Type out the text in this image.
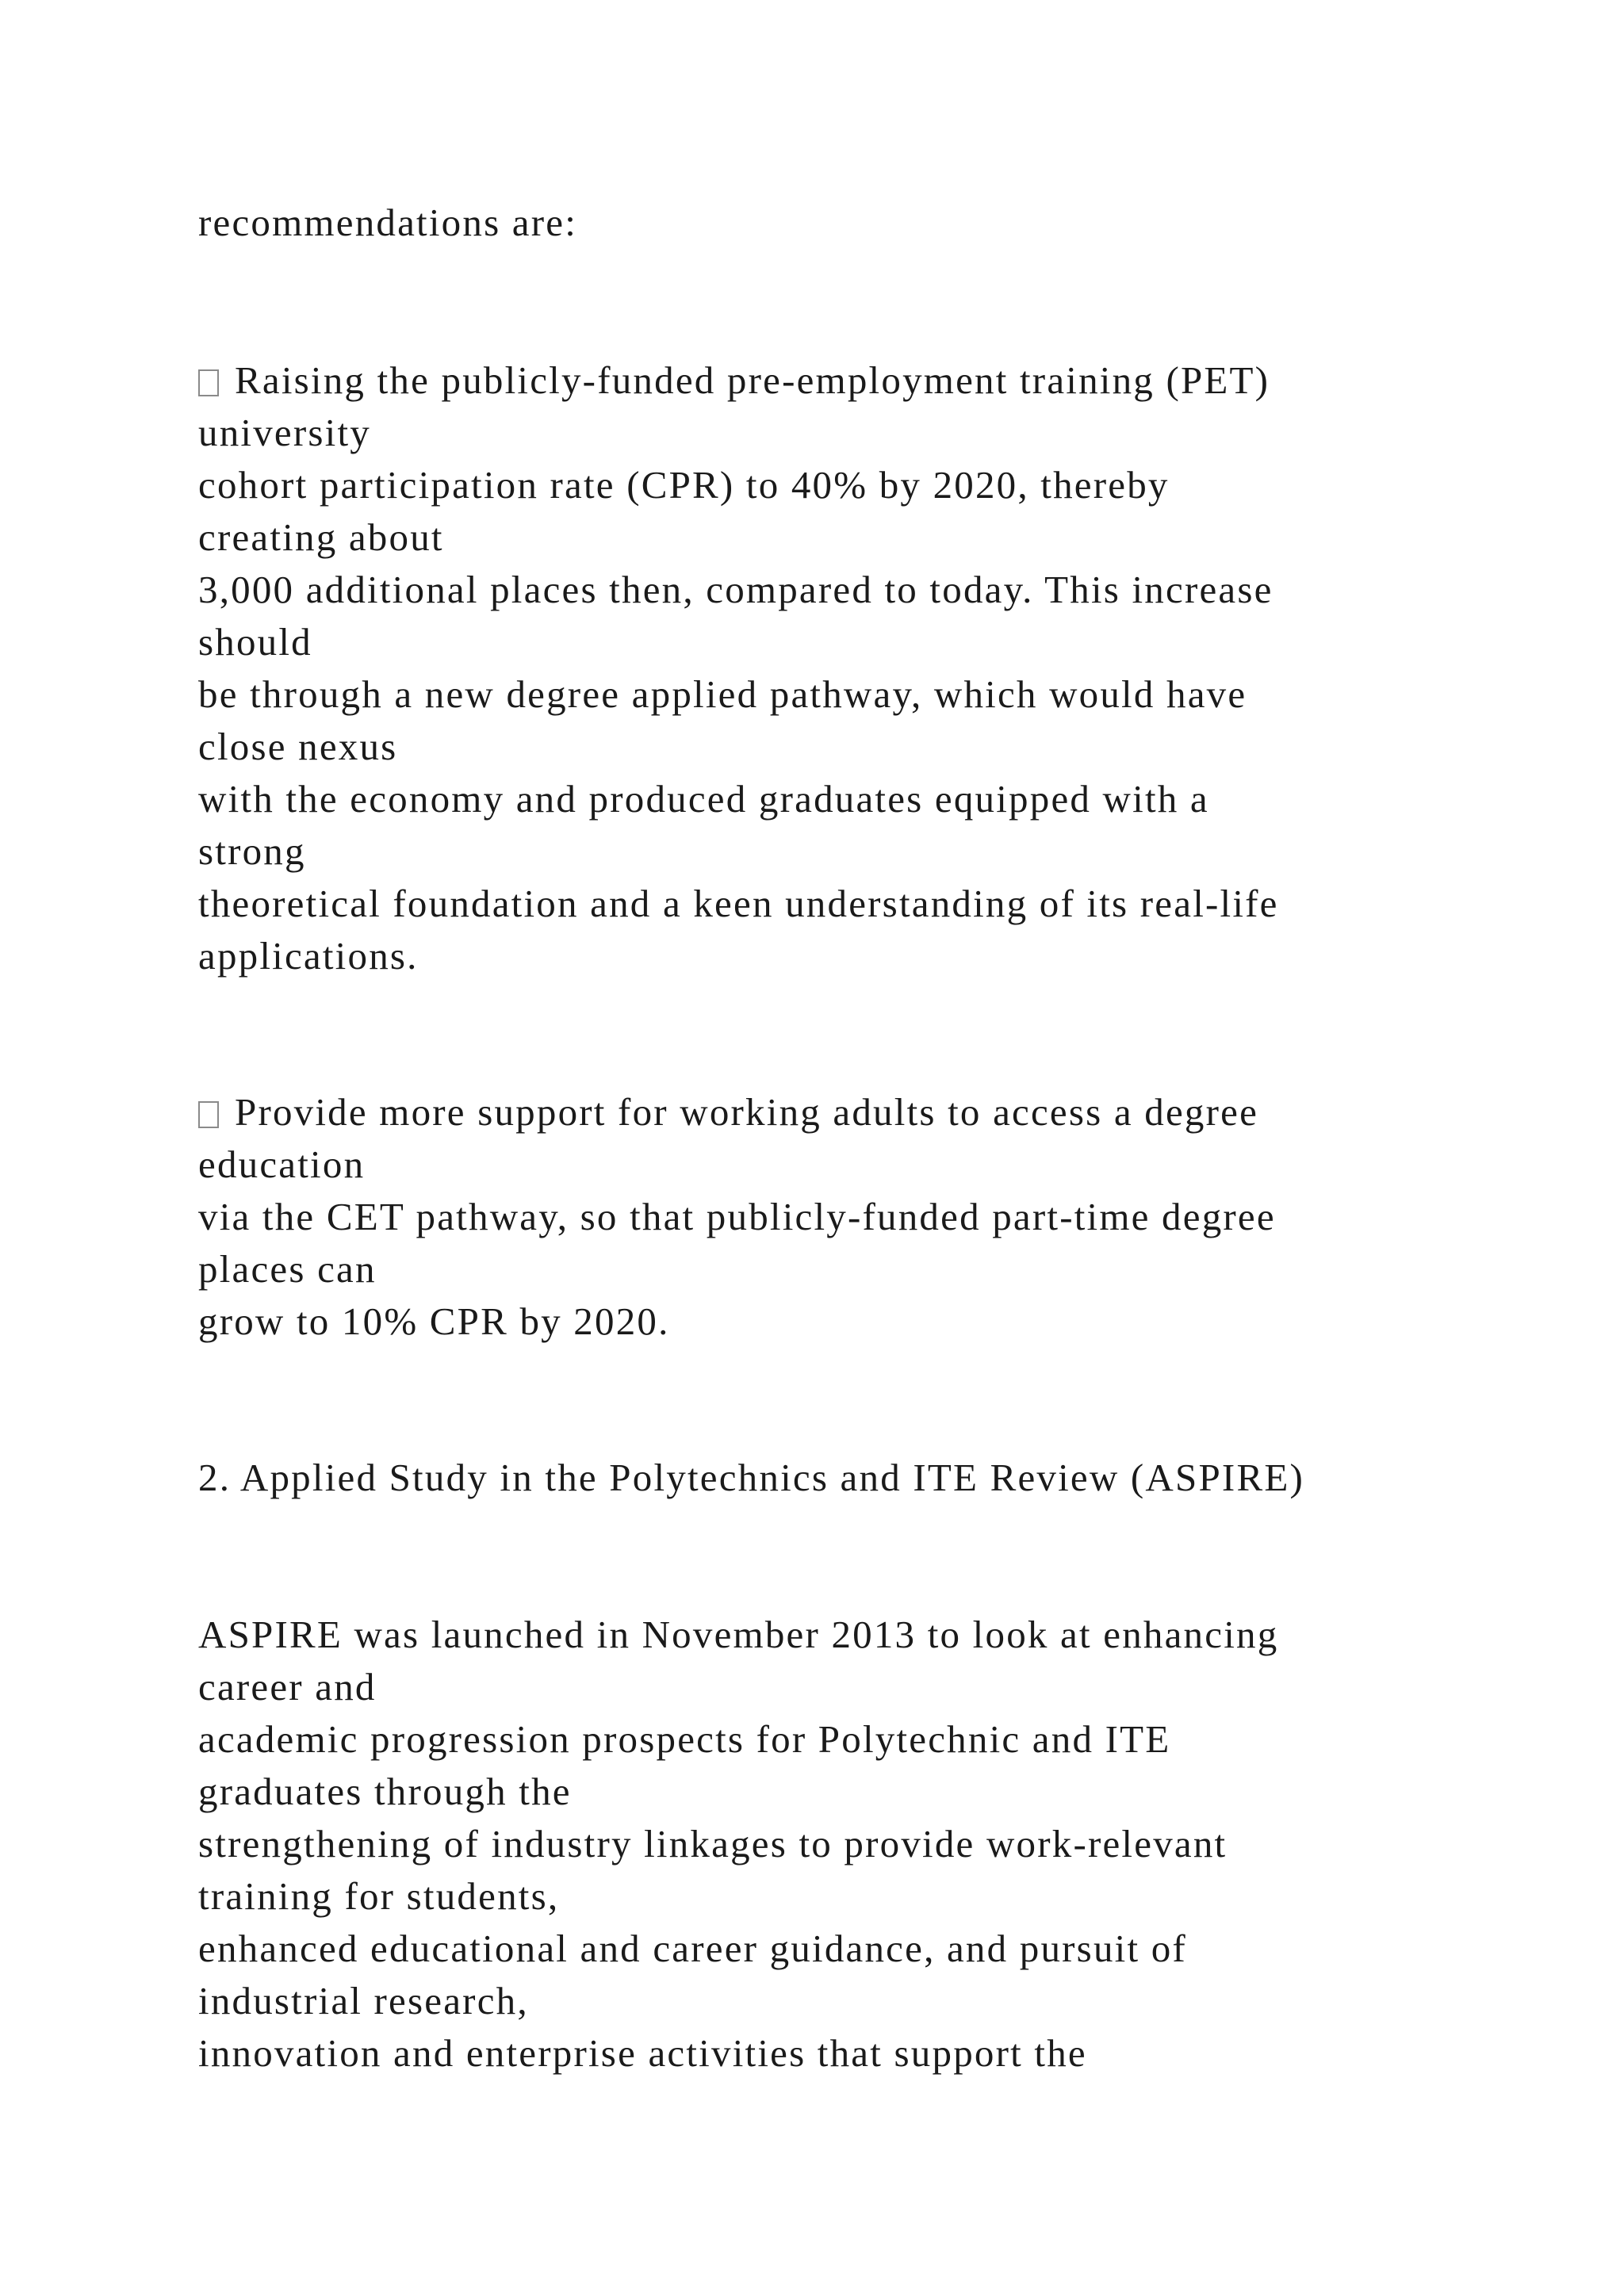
recommendations are:
Raising the publicly-funded pre-employment training (PET)
university
cohort participation rate (CPR) to 40% by 2020, thereby
creating about
3,000 additional places then, compared to today. This increase
should
be through a new degree applied pathway, which would have
close nexus
with the economy and produced graduates equipped with a
strong
theoretical foundation and a keen understanding of its real-life
applications.
Provide more support for working adults to access a degree
education
via the CET pathway, so that publicly-funded part-time degree
places can
grow to 10% CPR by 2020.
2. Applied Study in the Polytechnics and ITE Review (ASPIRE)
ASPIRE was launched in November 2013 to look at enhancing
career and
academic progression prospects for Polytechnic and ITE
graduates through the
strengthening of industry linkages to provide work-relevant
training for students,
enhanced educational and career guidance, and pursuit of
industrial research,
innovation and enterprise activities that support the
